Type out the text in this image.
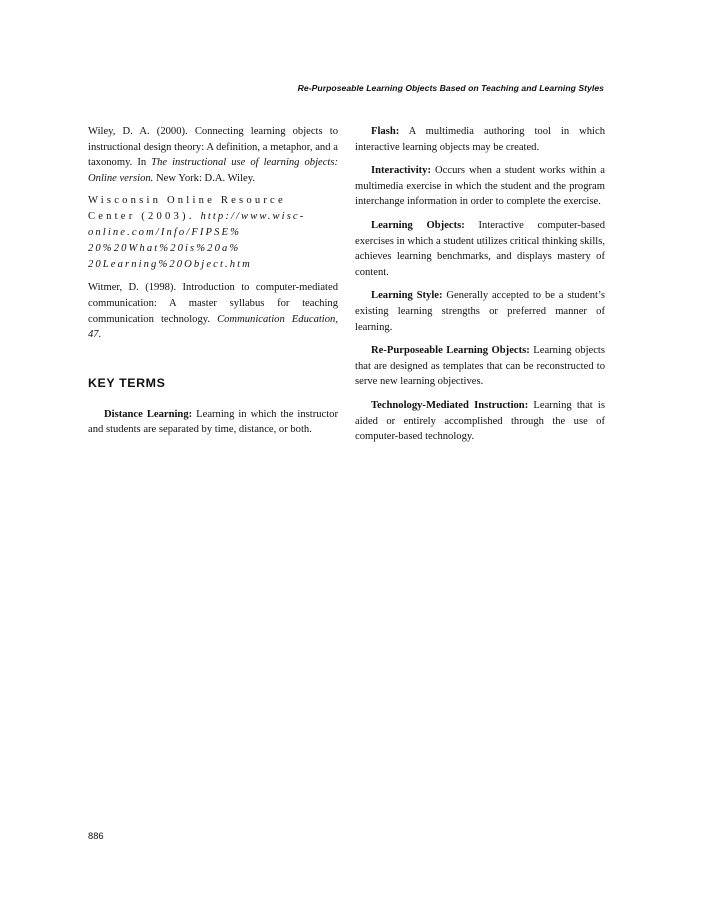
Re-Purposeable Learning Objects Based on Teaching and Learning Styles

Wiley, D. A. (2000). Connecting learning objects to instructional design theory: A definition, a metaphor, and a taxonomy. In The instructional use of learning objects: Online version. New York: D.A. Wiley.

Wisconsin Online Resource Center (2003). http://www.wisc-online.com/Info/FIPSE% 20%20What%20is%20a% 20Learning%20Object.htm

Witmer, D. (1998). Introduction to computer-mediated communication: A master syllabus for teaching communication technology. Communication Education, 47.

KEY TERMS

Distance Learning: Learning in which the instructor and students are separated by time, distance, or both.

Flash: A multimedia authoring tool in which interactive learning objects may be created.

Interactivity: Occurs when a student works within a multimedia exercise in which the student and the program interchange information in order to complete the exercise.

Learning Objects: Interactive computer-based exercises in which a student utilizes critical thinking skills, achieves learning benchmarks, and displays mastery of content.

Learning Style: Generally accepted to be a student’s existing learning strengths or preferred manner of learning.

Re-Purposeable Learning Objects: Learning objects that are designed as templates that can be reconstructed to serve new learning objectives.

Technology-Mediated Instruction: Learning that is aided or entirely accomplished through the use of computer-based technology.

886
